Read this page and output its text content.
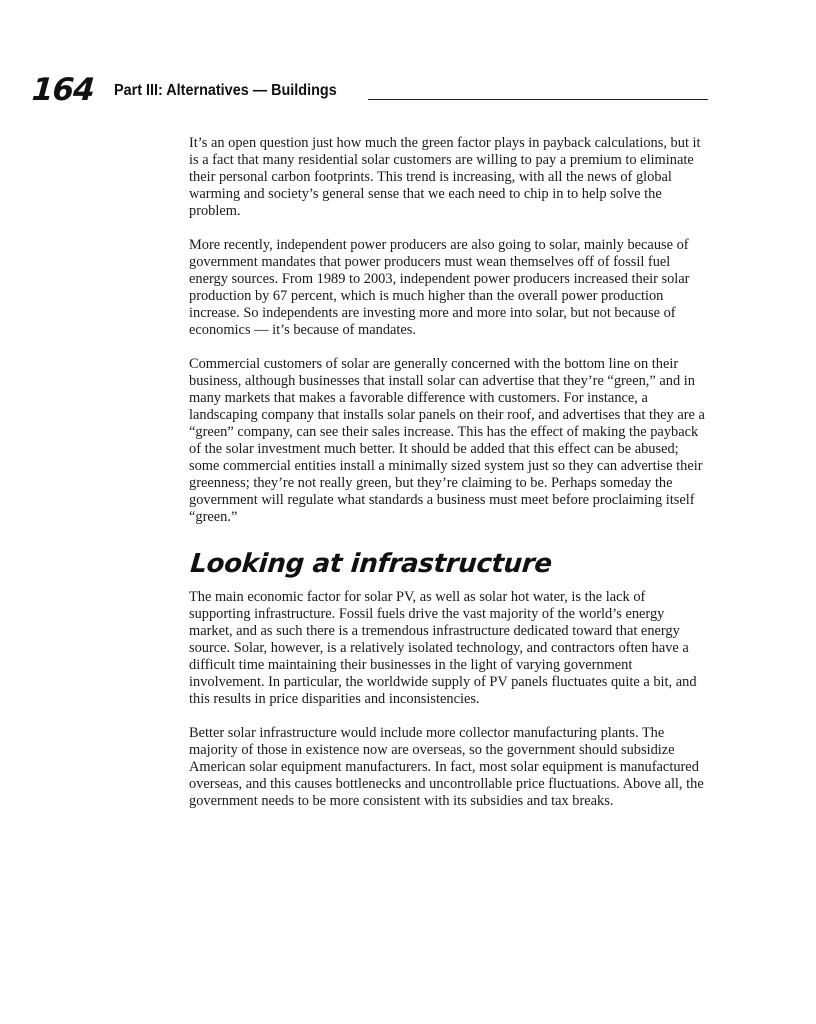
164 Part III: Alternatives — Buildings

It’s an open question just how much the green factor plays in payback calculations, but it is a fact that many residential solar customers are willing to pay a premium to eliminate their personal carbon footprints. This trend is increasing, with all the news of global warming and society’s general sense that we each need to chip in to help solve the problem.

More recently, independent power producers are also going to solar, mainly because of government mandates that power producers must wean themselves off of fossil fuel energy sources. From 1989 to 2003, independent power producers increased their solar production by 67 percent, which is much higher than the overall power production increase. So independents are investing more and more into solar, but not because of economics — it’s because of mandates.

Commercial customers of solar are generally concerned with the bottom line on their business, although businesses that install solar can advertise that they’re “green,” and in many markets that makes a favorable difference with customers. For instance, a landscaping company that installs solar panels on their roof, and advertises that they are a “green” company, can see their sales increase. This has the effect of making the payback of the solar investment much better. It should be added that this effect can be abused; some commercial entities install a minimally sized system just so they can advertise their greenness; they’re not really green, but they’re claiming to be. Perhaps someday the government will regulate what standards a business must meet before proclaiming itself “green.”

Looking at infrastructure

The main economic factor for solar PV, as well as solar hot water, is the lack of supporting infrastructure. Fossil fuels drive the vast majority of the world’s energy market, and as such there is a tremendous infrastructure dedicated toward that energy source. Solar, however, is a relatively isolated technology, and contractors often have a difficult time maintaining their businesses in the light of varying government involvement. In particular, the worldwide supply of PV panels fluctuates quite a bit, and this results in price disparities and inconsistencies.

Better solar infrastructure would include more collector manufacturing plants. The majority of those in existence now are overseas, so the government should subsidize American solar equipment manufacturers. In fact, most solar equipment is manufactured overseas, and this causes bottlenecks and uncontrollable price fluctuations. Above all, the government needs to be more consistent with its subsidies and tax breaks.
